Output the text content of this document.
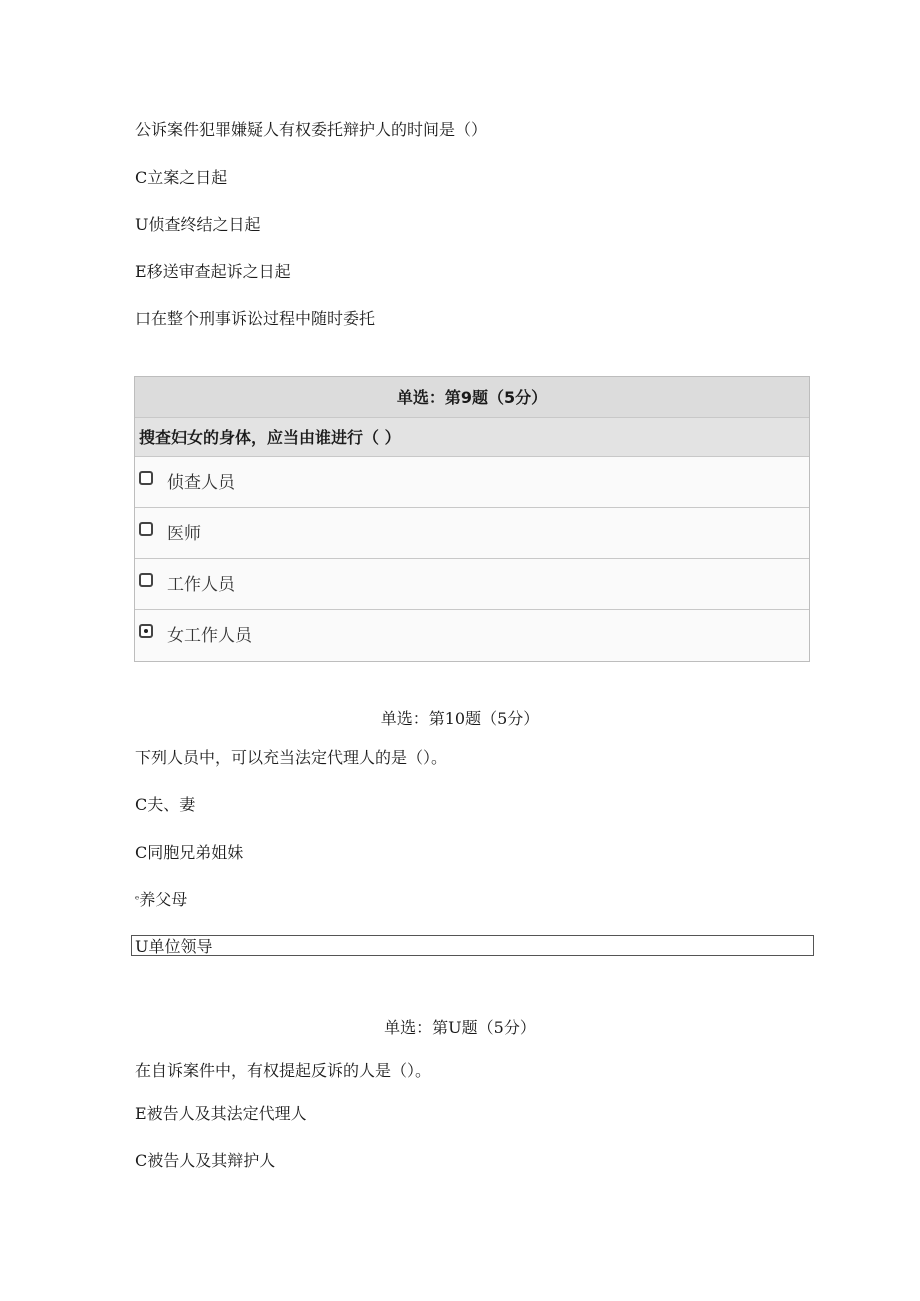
公诉案件犯罪嫌疑人有权委托辩护人的时间是（）
C立案之日起
U侦查终结之日起
E移送审查起诉之日起
口在整个刑事诉讼过程中随时委托
单选：第9题（5分）
搜查妇女的身体，应当由谁进行（ ）
侦查人员
医师
工作人员
女工作人员
单选：第10题（5分）
下列人员中，可以充当法定代理人的是（）。
C夫、妻
C同胞兄弟姐妹
$^ᵉ$养父母
U单位领导
单选：第U题（5分）
在自诉案件中，有权提起反诉的人是（）。
E被告人及其法定代理人
C被告人及其辩护人
